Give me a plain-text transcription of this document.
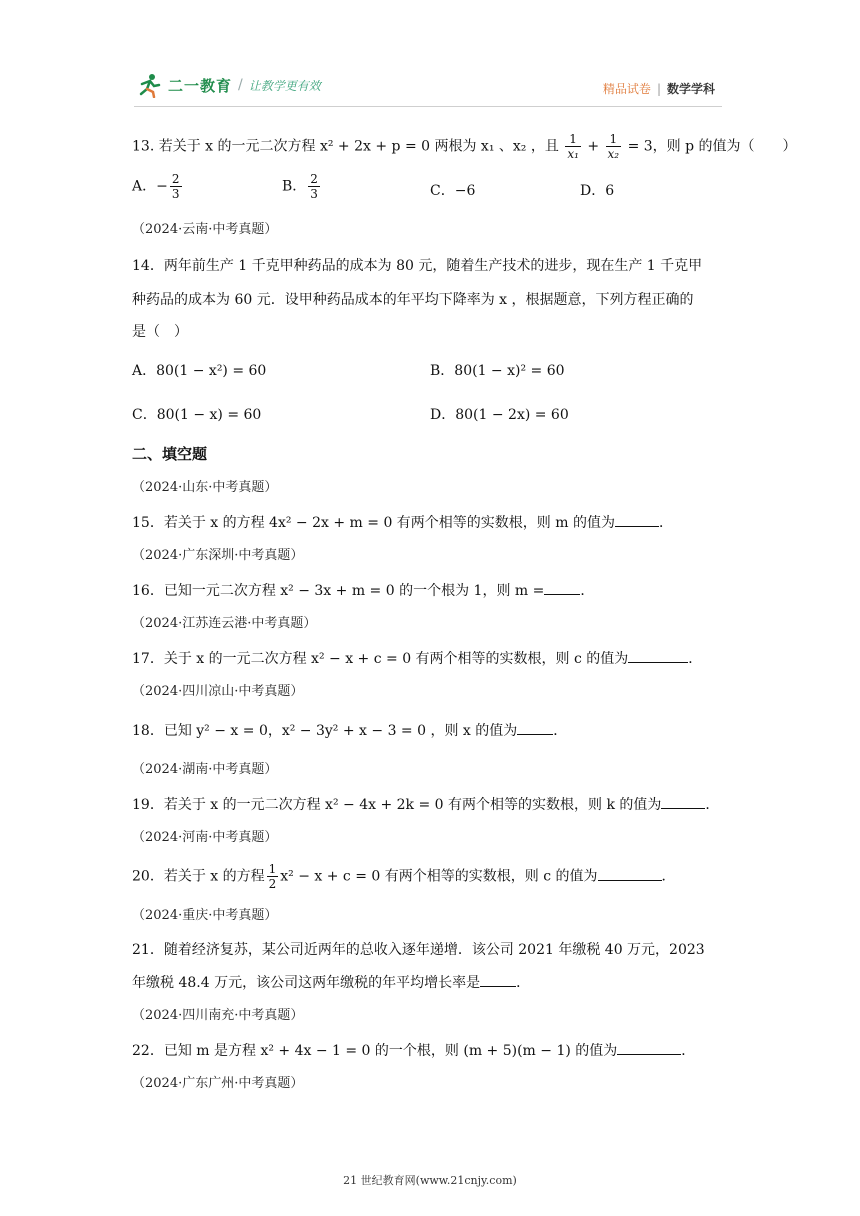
二一教育 / 让教学更有效	精品试卷 | 数学学科
13. 若关于 x 的一元二次方程 x² + 2x + p = 0 两根为 x₁ 、x₂ ，且 $\frac{1}{\text{x₁}} + \frac{1}{\text{x₂}} = 3$，则 p 的值为（　　）
A．− $\frac{2}{3}$	B． $\frac{2}{3}$	C．−6	D．6
（2024·云南·中考真题）
14．两年前生产 1 千克甲种药品的成本为 80 元，随着生产技术的进步，现在生产 1 千克甲
种药品的成本为 60 元．设甲种药品成本的年平均下降率为 x ，根据题意，下列方程正确的
是（　）
A．80(1 − x²) = 60	B．80(1 − x)² = 60
C．80(1 − x) = 60	D．80(1 − 2x) = 60
二、填空题
（2024·山东·中考真题）
15．若关于 x 的方程 4x² − 2x + m = 0 有两个相等的实数根，则 m 的值为	．
（2024·广东深圳·中考真题）
16．已知一元二次方程 x² − 3x + m = 0 的一个根为 1，则 m =	．
（2024·江苏连云港·中考真题）
17．关于 x 的一元二次方程 x² − x + c = 0 有两个相等的实数根，则 c 的值为	．
（2024·四川凉山·中考真题）
18．已知 y² − x = 0，x² − 3y² + x − 3 = 0 ，则 x 的值为	．
（2024·湖南·中考真题）
19．若关于 x 的一元二次方程 x² − 4x + 2k = 0 有两个相等的实数根，则 k 的值为	．
（2024·河南·中考真题）
20．若关于 x 的方程 $\frac{1}{2} x^2 - x + c = 0$ 有两个相等的实数根，则 c 的值为	．
（2024·重庆·中考真题）
21．随着经济复苏，某公司近两年的总收入逐年递增．该公司 2021 年缴税 40 万元，2023
年缴税 48.4 万元，该公司这两年缴税的年平均增长率是	．
（2024·四川南充·中考真题）
22．已知 m 是方程 x² + 4x − 1 = 0 的一个根，则 (m + 5)(m − 1) 的值为	．
（2024·广东广州·中考真题）
21 世纪教育网(www.21cnjy.com)
